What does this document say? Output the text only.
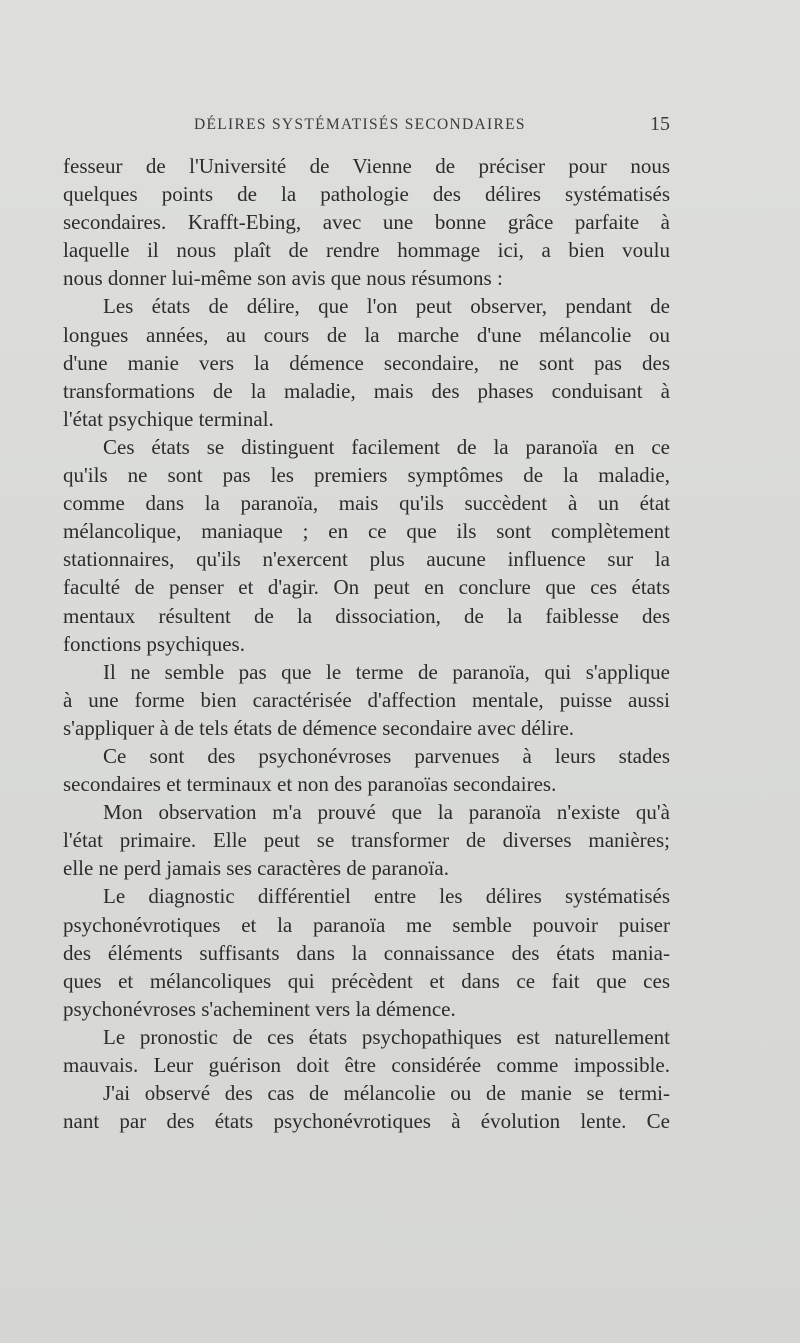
DÉLIRES SYSTÉMATISÉS SECONDAIRES	15
fesseur de l'Université de Vienne de préciser pour nous
quelques points de la pathologie des délires systématisés
secondaires. Krafft-Ebing, avec une bonne grâce parfaite à
laquelle il nous plaît de rendre hommage ici, a bien voulu
nous donner lui-même son avis que nous résumons :
Les états de délire, que l'on peut observer, pendant de
longues années, au cours de la marche d'une mélancolie ou
d'une manie vers la démence secondaire, ne sont pas des
transformations de la maladie, mais des phases conduisant à
l'état psychique terminal.
Ces états se distinguent facilement de la paranoïa en ce
qu'ils ne sont pas les premiers symptômes de la maladie,
comme dans la paranoïa, mais qu'ils succèdent à un état
mélancolique, maniaque ; en ce que ils sont complètement
stationnaires, qu'ils n'exercent plus aucune influence sur la
faculté de penser et d'agir. On peut en conclure que ces états
mentaux résultent de la dissociation, de la faiblesse des
fonctions psychiques.
Il ne semble pas que le terme de paranoïa, qui s'applique
à une forme bien caractérisée d'affection mentale, puisse aussi
s'appliquer à de tels états de démence secondaire avec délire.
Ce sont des psychonévroses parvenues à leurs stades
secondaires et terminaux et non des paranoïas secondaires.
Mon observation m'a prouvé que la paranoïa n'existe qu'à
l'état primaire. Elle peut se transformer de diverses manières;
elle ne perd jamais ses caractères de paranoïa.
Le diagnostic différentiel entre les délires systématisés
psychonévrotiques et la paranoïa me semble pouvoir puiser
des éléments suffisants dans la connaissance des états mania-
ques et mélancoliques qui précèdent et dans ce fait que ces
psychonévroses s'acheminent vers la démence.
Le pronostic de ces états psychopathiques est naturellement
mauvais. Leur guérison doit être considérée comme impossible.
J'ai observé des cas de mélancolie ou de manie se termi-
nant par des états psychonévrotiques à évolution lente. Ce
